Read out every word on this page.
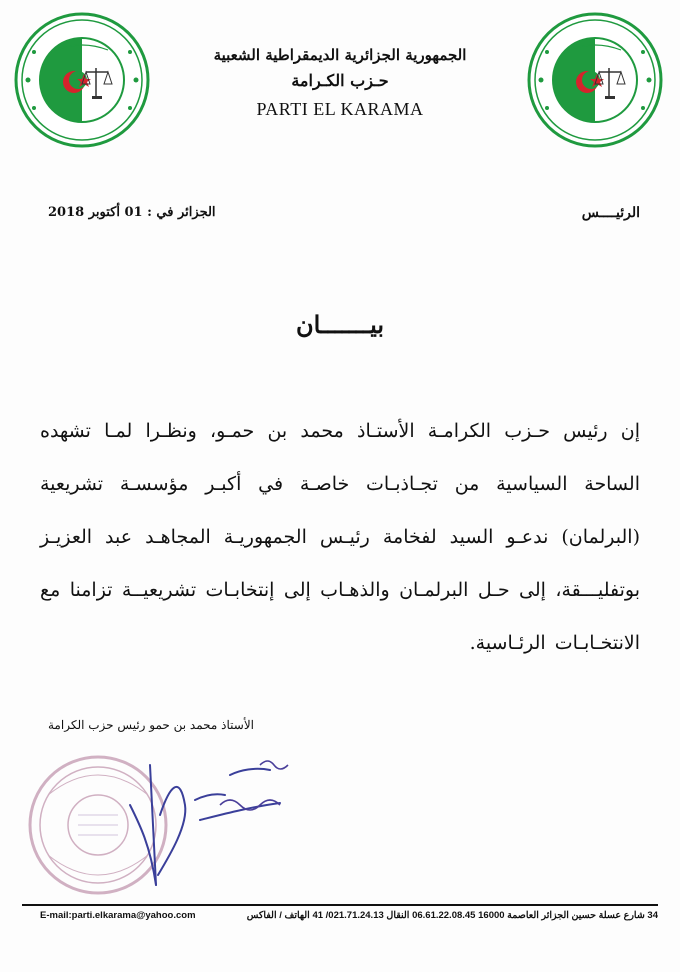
الجمهورية الجزائرية الديمقراطية الشعبية
حـزب الكـرامة
PARTI EL KARAMA
الجزائر في : 01 أكتوبر 2018	الرئيــــس
بيـــــــان
إن رئيس حـزب الكرامـة الأستـاذ محمد بن حمـو، ونظـرا لمـا تشهده الساحة السياسية من تجـاذبـات خاصـة في أكبـر مؤسسـة تشريعية (البرلمان) ندعـو السيد لفخامة رئيـس الجمهوريـة المجاهـد عبد العزيـز بوتفليـــقة، إلى حـل البرلمـان والذهـاب إلى إنتخابـات تشريعيــة تزامنا مع الانتخـابـات الرئـاسية.
الأستاذ محمد بن حمو رئيس حزب الكرامة
E-mail:parti.elkarama@yahoo.com	34 شارع عسلة حسين الجزائر العاصمة 16000 06.61.22.08.45 النقال 021.71.24.13/ 41 الهاتف / الفاكس
